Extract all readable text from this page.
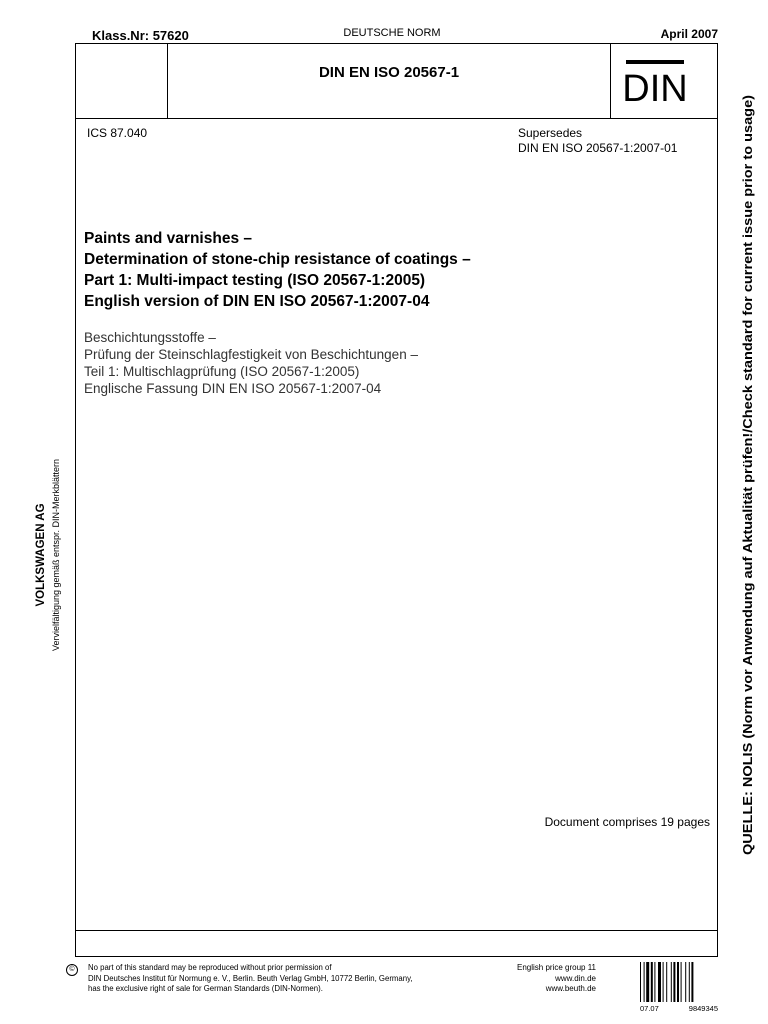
Klass.Nr: 57620	DEUTSCHE NORM	April 2007
DIN EN ISO 20567-1	DIN
ICS 87.040	Supersedes
DIN EN ISO 20567-1:2007-01
Paints and varnishes –
Determination of stone-chip resistance of coatings –
Part 1: Multi-impact testing (ISO 20567-1:2005)
English version of DIN EN ISO 20567-1:2007-04
Beschichtungsstoffe –
Prüfung der Steinschlagfestigkeit von Beschichtungen –
Teil 1: Multischlagprüfung (ISO 20567-1:2005)
Englische Fassung DIN EN ISO 20567-1:2007-04
Document comprises 19 pages
VOLKSWAGEN AG Vervielfältigung gemäß entspr. DIN-Merkblättern	QUELLE: NOLIS (Norm vor Anwendung auf Aktualität prüfen!/Check standard for current issue prior to usage)
©	No part of this standard may be reproduced without prior permission of
DIN Deutsches Institut für Normung e. V., Berlin. Beuth Verlag GmbH, 10772 Berlin, Germany,
has the exclusive right of sale for German Standards (DIN-Normen).
English price group 11
www.din.de
www.beuth.de
07.07	9849345
